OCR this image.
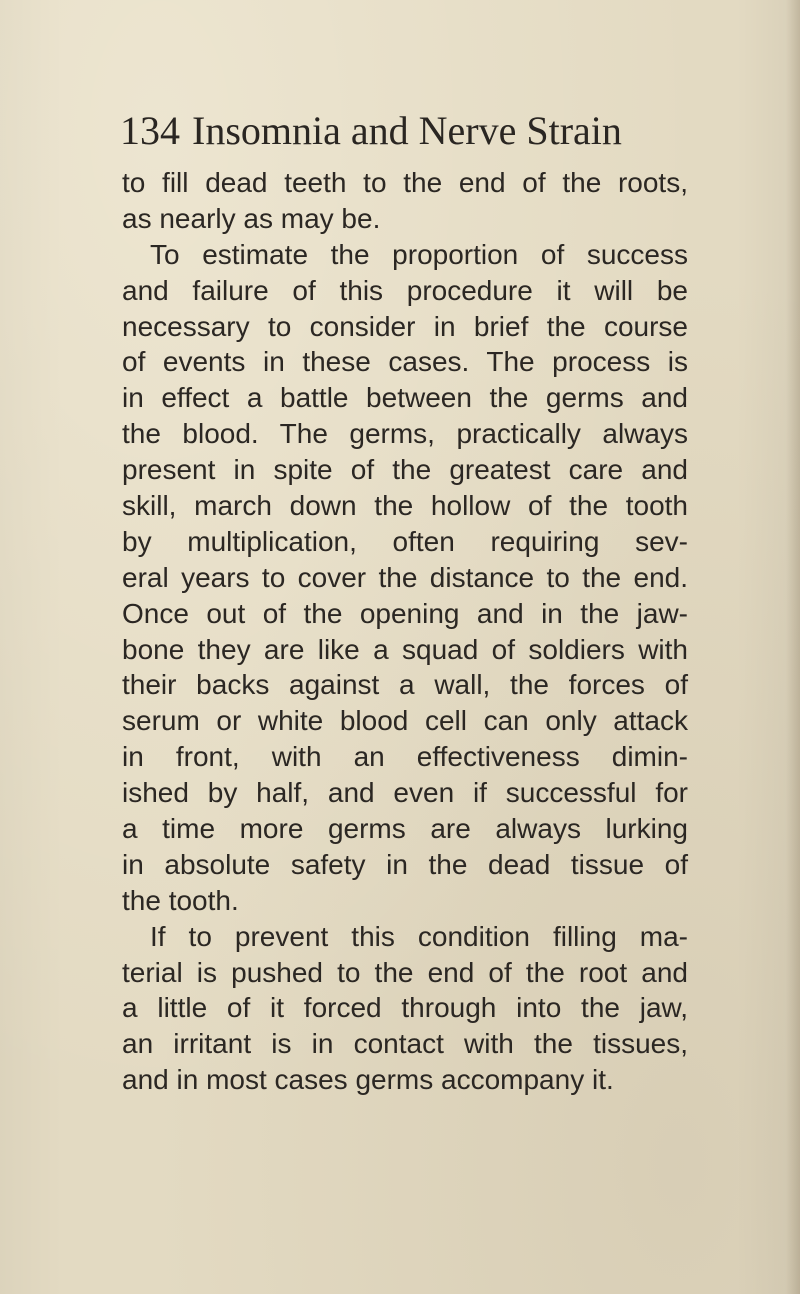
134 Insomnia and Nerve Strain
to fill dead teeth to the end of the roots,
as nearly as may be.
To estimate the proportion of success
and failure of this procedure it will be
necessary to consider in brief the course
of events in these cases. The process is
in effect a battle between the germs and
the blood. The germs, practically always
present in spite of the greatest care and
skill, march down the hollow of the tooth
by multiplication, often requiring sev-
eral years to cover the distance to the end.
Once out of the opening and in the jaw-
bone they are like a squad of soldiers with
their backs against a wall, the forces of
serum or white blood cell can only attack
in front, with an effectiveness dimin-
ished by half, and even if successful for
a time more germs are always lurking
in absolute safety in the dead tissue of
the tooth.
If to prevent this condition filling ma-
terial is pushed to the end of the root and
a little of it forced through into the jaw,
an irritant is in contact with the tissues,
and in most cases germs accompany it.
